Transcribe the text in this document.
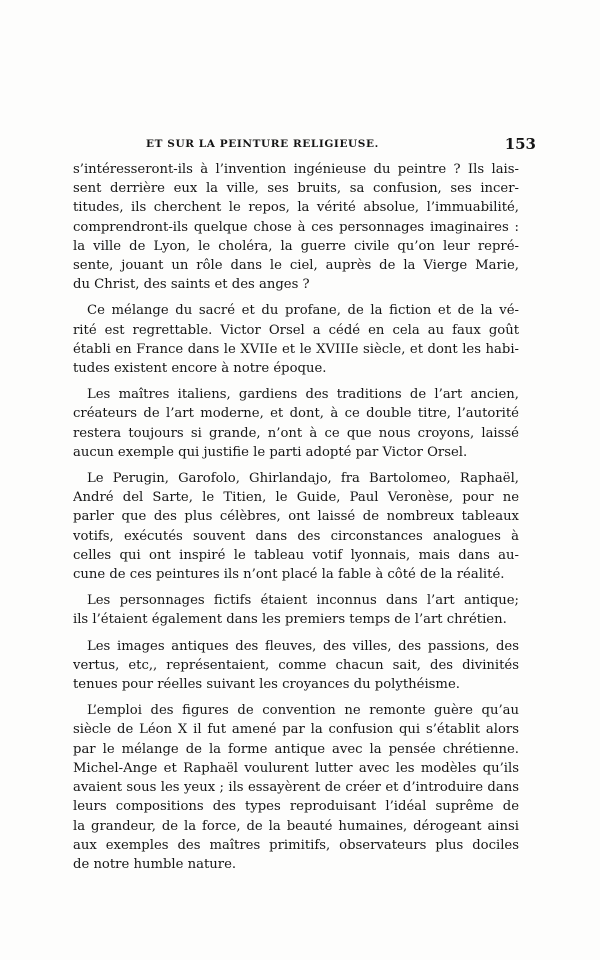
ET SUR LA PEINTURE RELIGIEUSE.	153
s’intéresseront-ils à l’invention ingénieuse du peintre ? Ils lais-
sent derrière eux la ville, ses bruits, sa confusion, ses incer-
titudes, ils cherchent le repos, la vérité absolue, l’immuabilité,
comprendront-ils quelque chose à ces personnages imaginaires :
la ville de Lyon, le choléra, la guerre civile qu’on leur repré-
sente, jouant un rôle dans le ciel, auprès de la Vierge Marie,
du Christ, des saints et des anges ?
Ce mélange du sacré et du profane, de la fiction et de la vé-
rité est regrettable. Victor Orsel a cédé en cela au faux goût
établi en France dans le XVIIe et le XVIIIe siècle, et dont les habi-
tudes existent encore à notre époque.
Les maîtres italiens, gardiens des traditions de l’art ancien,
créateurs de l’art moderne, et dont, à ce double titre, l’autorité
restera toujours si grande, n’ont à ce que nous croyons, laissé
aucun exemple qui justifie le parti adopté par Victor Orsel.
Le Perugin, Garofolo, Ghirlandajo, fra Bartolomeo, Raphaël,
André del Sarte, le Titien, le Guide, Paul Veronèse, pour ne
parler que des plus célèbres, ont laissé de nombreux tableaux
votifs, exécutés souvent dans des circonstances analogues à
celles qui ont inspiré le tableau votif lyonnais, mais dans au-
cune de ces peintures ils n’ont placé la fable à côté de la réalité.
Les personnages fictifs étaient inconnus dans l’art antique;
ils l’étaient également dans les premiers temps de l’art chrétien.
Les images antiques des fleuves, des villes, des passions, des
vertus, etc,, représentaient, comme chacun sait, des divinités
tenues pour réelles suivant les croyances du polythéisme.
L’emploi des figures de convention ne remonte guère qu’au
siècle de Léon X il fut amené par la confusion qui s’établit alors
par le mélange de la forme antique avec la pensée chrétienne.
Michel-Ange et Raphaël voulurent lutter avec les modèles qu’ils
avaient sous les yeux ; ils essayèrent de créer et d’introduire dans
leurs compositions des types reproduisant l’idéal suprême de
la grandeur, de la force, de la beauté humaines, dérogeant ainsi
aux exemples des maîtres primitifs, observateurs plus dociles
de notre humble nature.
